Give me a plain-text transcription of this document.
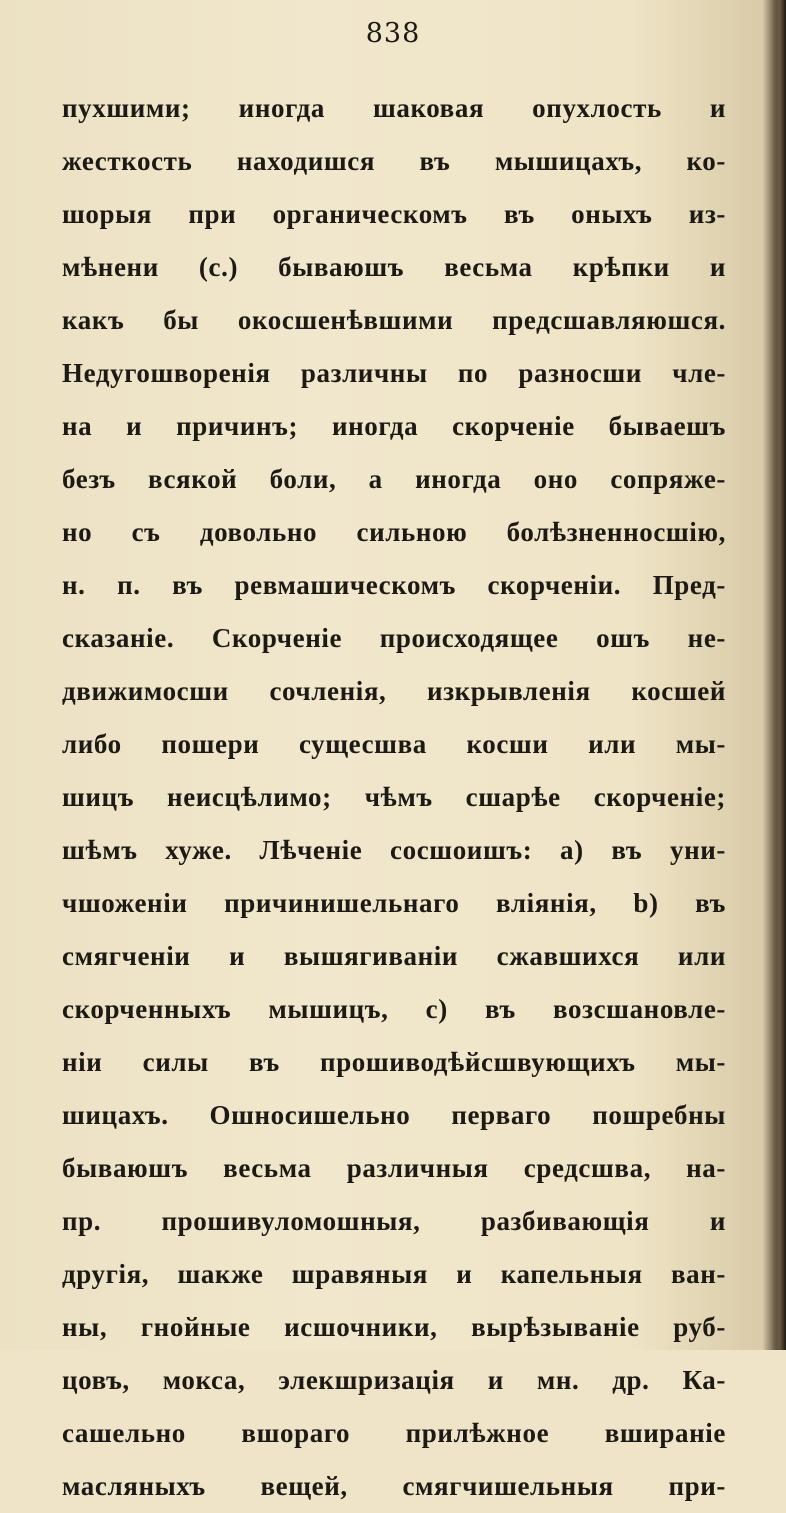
838
пухшими; иногда шаковая опухлость и
жесткость находишся въ мышицахъ, ко-
шорыя при органическомъ въ оныхъ из-
мѣнени (с.) бываюшъ весьма крѣпки и
какъ бы окосшенѣвшими предсшавляюшся.
Недугошворенія различны по разносши чле-
на и причинъ; иногда скорченіе бываешъ
безъ всякой боли, а иногда оно сопряже-
но съ довольно сильною болѣзненносшію,
н. п. въ ревмашическомъ скорченіи. Пред-
сказаніе. Скорченіе происходящее ошъ не-
движимосши сочленія, изкрывленія косшей
либо пошери сущесшва косши или мы-
шицъ неисцѣлимо; чѣмъ сшарѣе скорченіе;
шѣмъ хуже. Лѣченіе сосшоишъ: а) въ уни-
чшоженіи причинишельнаго вліянія, b) въ
смягченіи и вышягиваніи сжавшихся или
скорченныхъ мышицъ, с) въ возсшановле-
ніи силы въ прошиводѣйсшвующихъ мы-
шицахъ. Ошносишельно перваго пошребны
бываюшъ весьма различныя средсшва, на-
пр. прошивуломошныя, разбивающія и
другія, шакже шравяныя и капельныя ван-
ны, гнойные исшочники, вырѣзываніе руб-
цовъ, мокса, элекшризація и мн. др. Ка-
сашельно вшораго прилѣжное вшираніе
масляныхъ вещей, смягчишельныя при-
